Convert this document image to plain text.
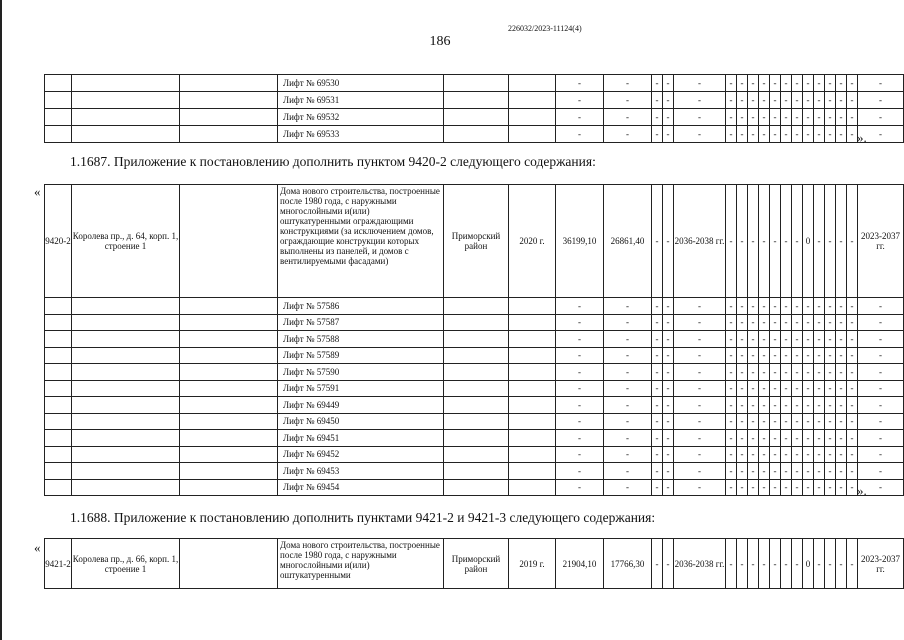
226032/2023-11124(4)
186
			Лифт № 69530			-	-	-	-	-	-	-	-	-	-	-	-	-	-	-	-	-	-
			Лифт № 69531			-	-	-	-	-	-	-	-	-	-	-	-	-	-	-	-	-	-
			Лифт № 69532			-	-	-	-	-	-	-	-	-	-	-	-	-	-	-	-	-	-
			Лифт № 69533			-	-	-	-	-	-	-	-	-	-	-	-	-	-	-	-	-	-
».
1.1687. Приложение к постановлению дополнить пунктом 9420-2 следующего содержания:
«
9420-2	Королева пр., д. 64, корп. 1, строение 1		Дома нового строительства, построенные после 1980 года, с наружными многослойными и(или) оштукатуренными ограждающими конструкциями (за исключением домов, ограждающие конструкции которых выполнены из панелей, и домов с вентилируемыми фасадами)	Приморский район	2020 г.	36199,10	26861,40	-	-	2036-2038 гг.	-	-	-	-	-	-	-	0	-	-	-	-	2023-2037 гг.
			Лифт № 57586			-	-	-	-	-	-	-	-	-	-	-	-	-	-	-	-	-	-
			Лифт № 57587			-	-	-	-	-	-	-	-	-	-	-	-	-	-	-	-	-	-
			Лифт № 57588			-	-	-	-	-	-	-	-	-	-	-	-	-	-	-	-	-	-
			Лифт № 57589			-	-	-	-	-	-	-	-	-	-	-	-	-	-	-	-	-	-
			Лифт № 57590			-	-	-	-	-	-	-	-	-	-	-	-	-	-	-	-	-	-
			Лифт № 57591			-	-	-	-	-	-	-	-	-	-	-	-	-	-	-	-	-	-
			Лифт № 69449			-	-	-	-	-	-	-	-	-	-	-	-	-	-	-	-	-	-
			Лифт № 69450			-	-	-	-	-	-	-	-	-	-	-	-	-	-	-	-	-	-
			Лифт № 69451			-	-	-	-	-	-	-	-	-	-	-	-	-	-	-	-	-	-
			Лифт № 69452			-	-	-	-	-	-	-	-	-	-	-	-	-	-	-	-	-	-
			Лифт № 69453			-	-	-	-	-	-	-	-	-	-	-	-	-	-	-	-	-	-
			Лифт № 69454			-	-	-	-	-	-	-	-	-	-	-	-	-	-	-	-	-	-
».
1.1688. Приложение к постановлению дополнить пунктами 9421-2 и 9421-3 следующего содержания:
«
9421-2	Королева пр., д. 66, корп. 1, строение 1		Дома нового строительства, построенные после 1980 года, с наружными многослойными и(или) оштукатуренными	Приморский район	2019 г.	21904,10	17766,30	-	-	2036-2038 гг.	-	-	-	-	-	-	-	0	-	-	-	-	2023-2037 гг.
